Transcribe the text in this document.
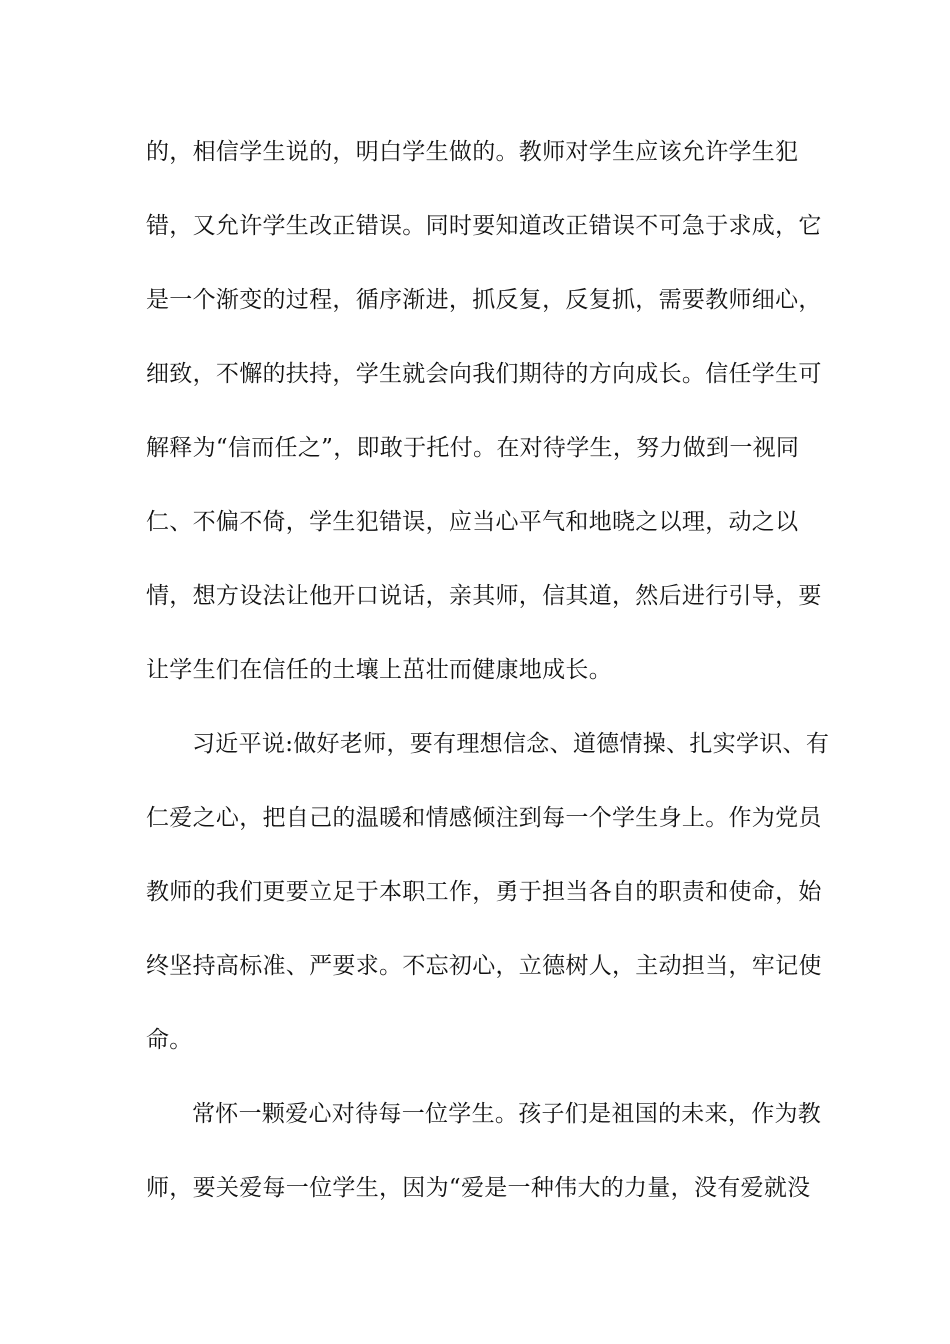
的，相信学生说的，明白学生做的。教师对学生应该允许学生犯
错，又允许学生改正错误。同时要知道改正错误不可急于求成，它
是一个渐变的过程，循序渐进，抓反复，反复抓，需要教师细心，
细致，不懈的扶持，学生就会向我们期待的方向成长。信任学生可
解释为“信而任之”，即敢于托付。在对待学生，努力做到一视同
仁、不偏不倚，学生犯错误，应当心平气和地晓之以理，动之以
情，想方设法让他开口说话，亲其师，信其道，然后进行引导，要
让学生们在信任的土壤上茁壮而健康地成长。
习近平说:做好老师，要有理想信念、道德情操、扎实学识、有
仁爱之心，把自己的温暖和情感倾注到每一个学生身上。作为党员
教师的我们更要立足于本职工作，勇于担当各自的职责和使命，始
终坚持高标准、严要求。不忘初心，立德树人，主动担当，牢记使
命。
常怀一颗爱心对待每一位学生。孩子们是祖国的未来，作为教
师，要关爱每一位学生，因为“爱是一种伟大的力量，没有爱就没
